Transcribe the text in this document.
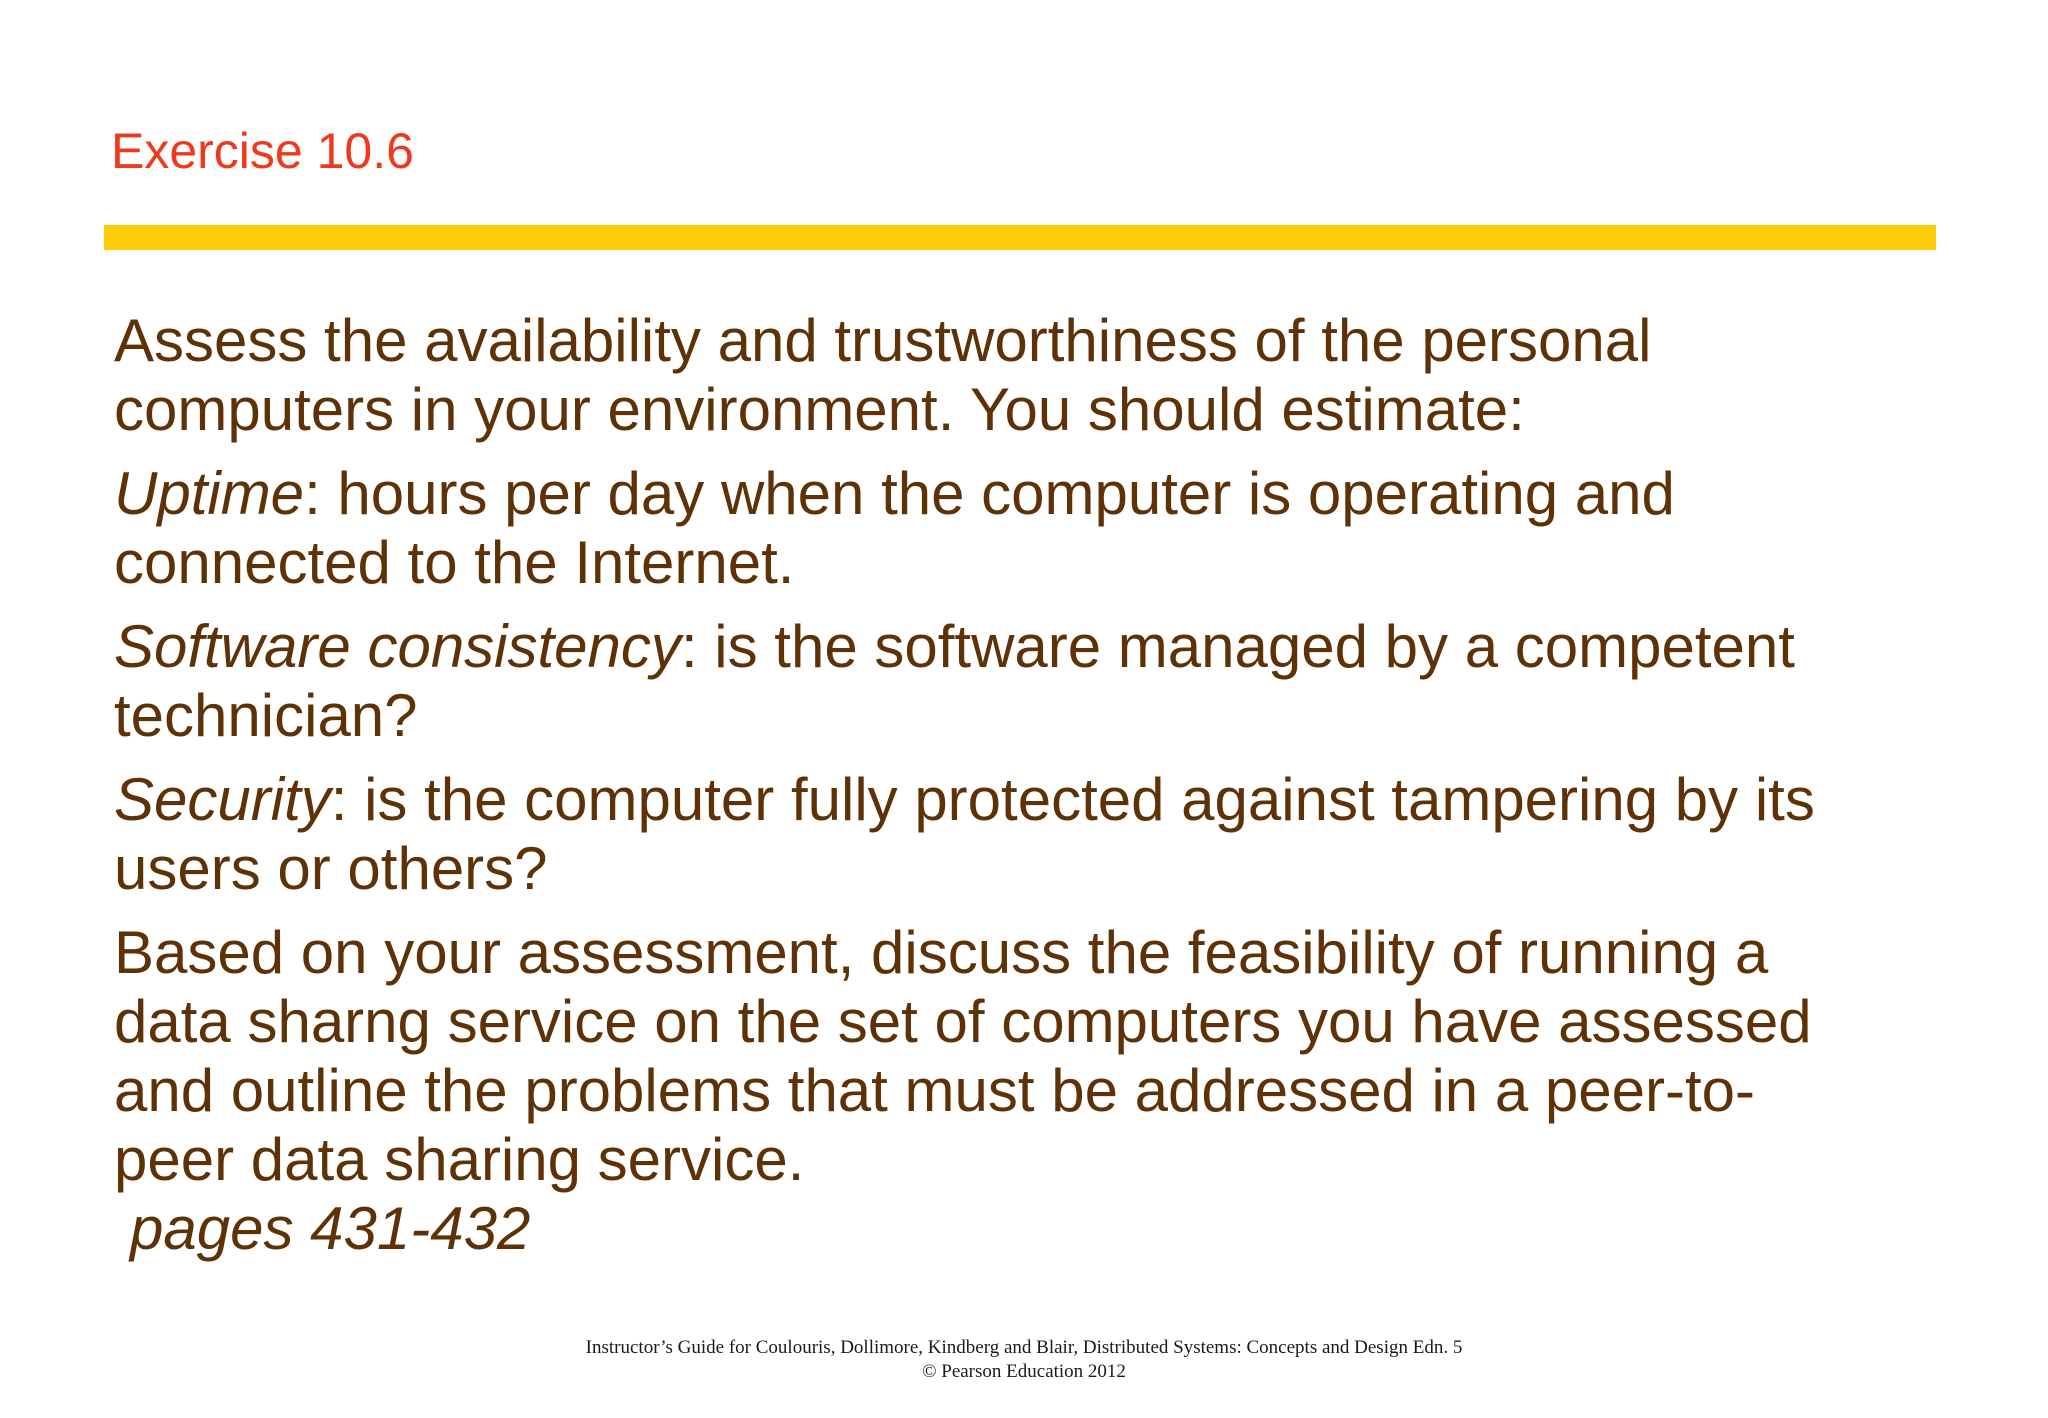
Exercise 10.6

Assess the availability and trustworthiness of the personal
computers in your environment. You should estimate:

Uptime: hours per day when the computer is operating and
connected to the Internet.

Software consistency: is the software managed by a competent
technician?

Security: is the computer fully protected against tampering by its
users or others?

Based on your assessment, discuss the feasibility of running a
data sharng service on the set of computers you have assessed
and outline the problems that must be addressed in a peer-to-
peer data sharing service.
pages 431-432

Instructor’s Guide for Coulouris, Dollimore, Kindberg and Blair, Distributed Systems: Concepts and Design Edn. 5
© Pearson Education 2012
